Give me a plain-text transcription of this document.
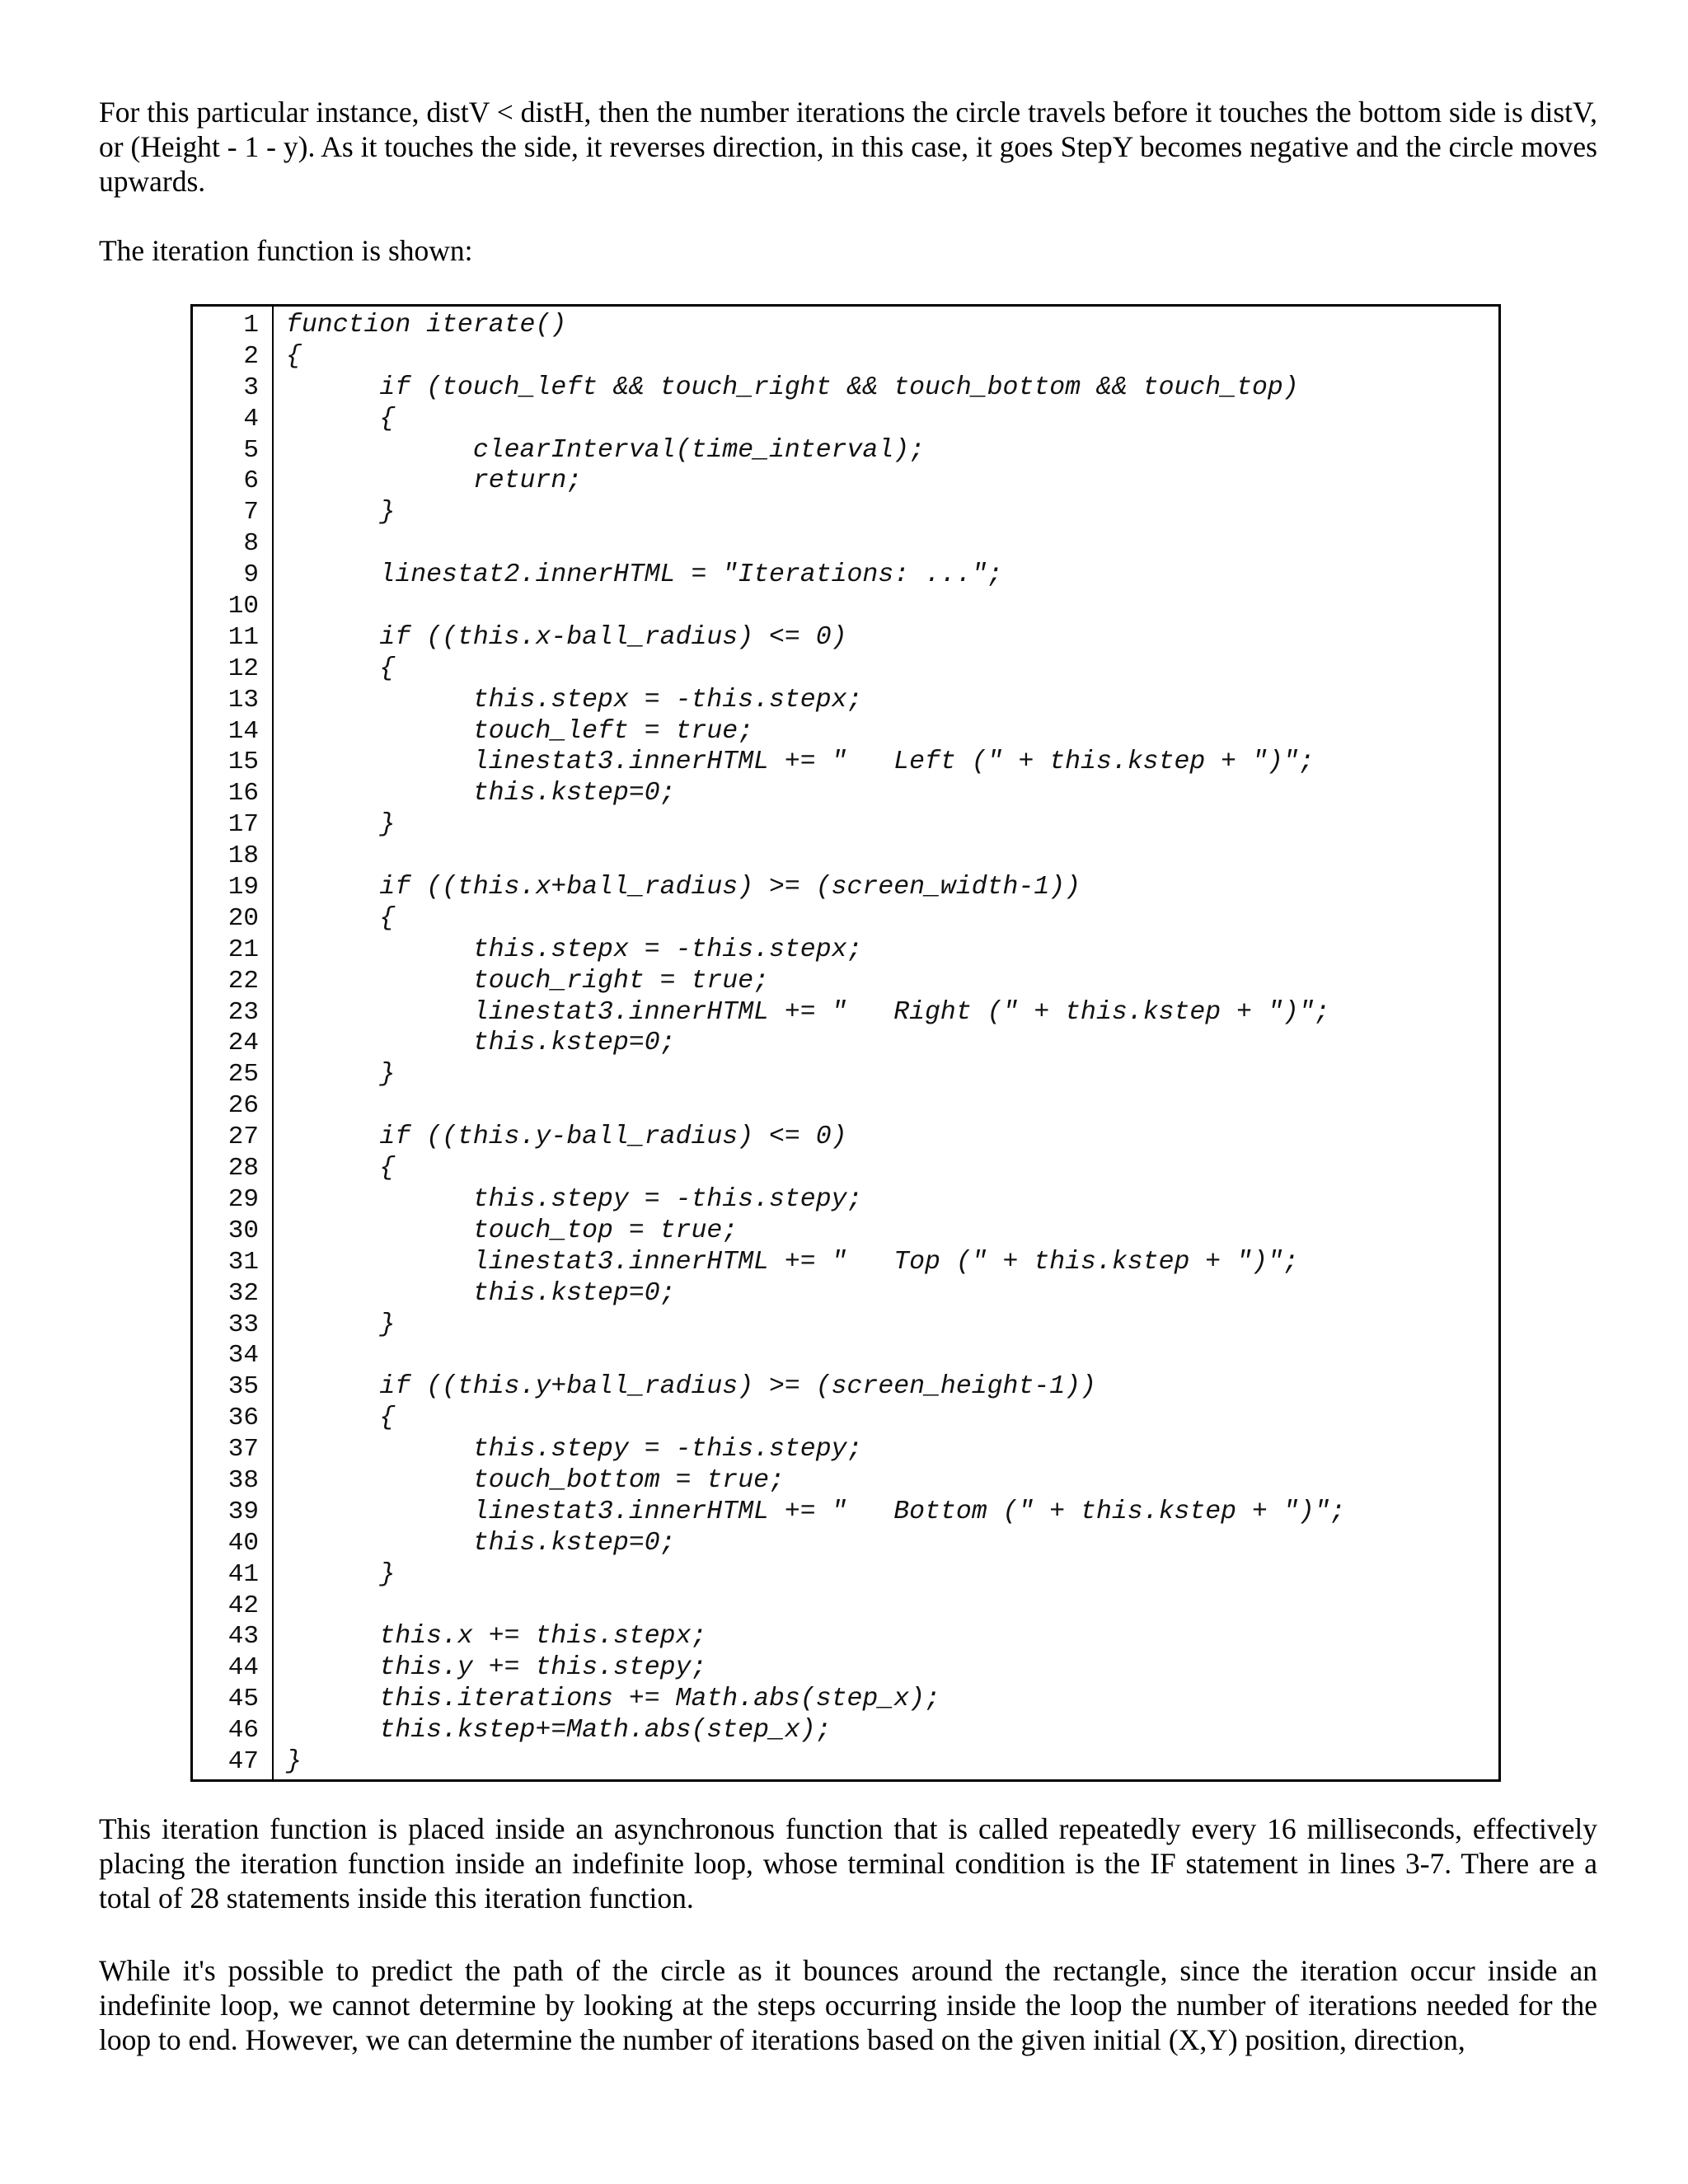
For this particular instance, distV < distH, then the number iterations the circle travels before it touches the bottom side is distV, or (Height - 1 - y). As it touches the side, it reverses direction, in this case, it goes StepY becomes negative and the circle moves upwards.

The iteration function is shown:

1
2
3
4
5
6
7
8
9
10
11
12
13
14
15
16
17
18
19
20
21
22
23
24
25
26
27
28
29
30
31
32
33
34
35
36
37
38
39
40
41
42
43
44
45
46
47
function iterate()
{
if (touch_left && touch_right && touch_bottom && touch_top)
{
clearInterval(time_interval);
return;
}
linestat2.innerHTML = "Iterations: ...";
if ((this.x-ball_radius) <= 0)
{
this.stepx = -this.stepx;
touch_left = true;
linestat3.innerHTML += "   Left (" + this.kstep + ")";
this.kstep=0;
}
if ((this.x+ball_radius) >= (screen_width-1))
{
this.stepx = -this.stepx;
touch_right = true;
linestat3.innerHTML += "   Right (" + this.kstep + ")";
this.kstep=0;
}
if ((this.y-ball_radius) <= 0)
{
this.stepy = -this.stepy;
touch_top = true;
linestat3.innerHTML += "   Top (" + this.kstep + ")";
this.kstep=0;
}
if ((this.y+ball_radius) >= (screen_height-1))
{
this.stepy = -this.stepy;
touch_bottom = true;
linestat3.innerHTML += "   Bottom (" + this.kstep + ")";
this.kstep=0;
}
this.x += this.stepx;
this.y += this.stepy;
this.iterations += Math.abs(step_x);
this.kstep+=Math.abs(step_x);
}

This iteration function is placed inside an asynchronous function that is called repeatedly every 16 milliseconds, effectively placing the iteration function inside an indefinite loop, whose terminal condition is the IF statement in lines 3-7. There are a total of 28 statements inside this iteration function.

While it's possible to predict the path of the circle as it bounces around the rectangle, since the iteration occur inside an indefinite loop, we cannot determine by looking at the steps occurring inside the loop the number of iterations needed for the loop to end. However, we can determine the number of iterations based on the given initial (X,Y) position, direction,
